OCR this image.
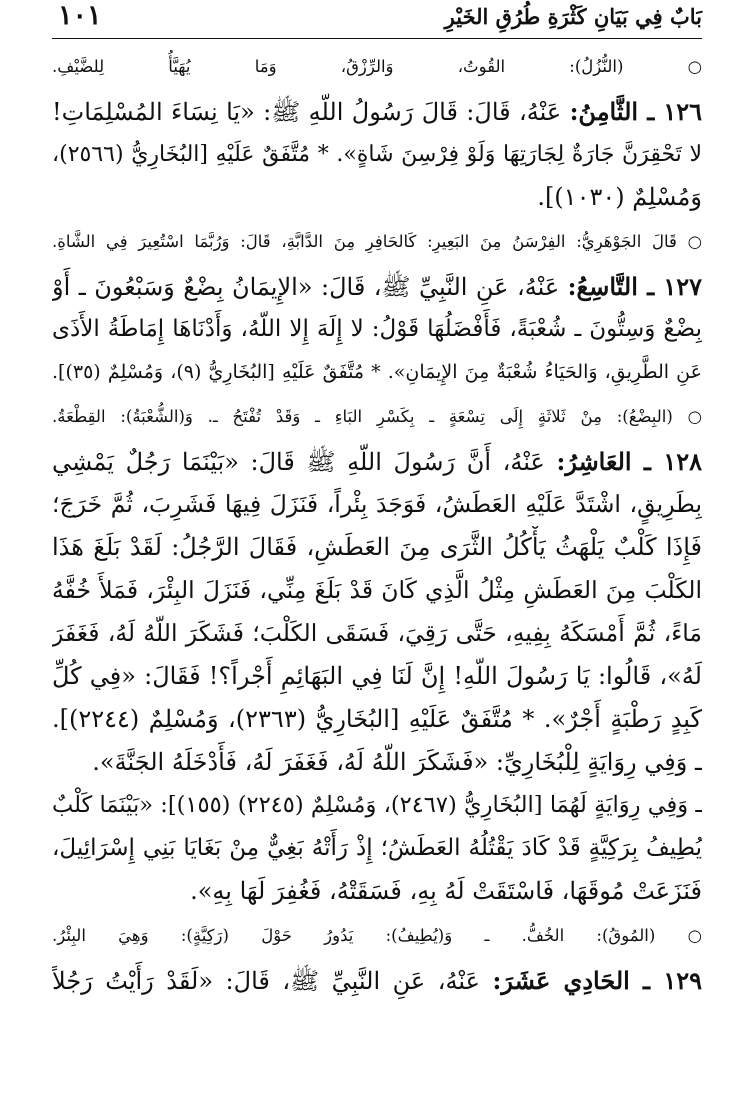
بَابٌ فِي بَيَانِ كَثْرَةِ طُرُقِ الخَيْرِ
١٠١
○ (النُّزُلُ): القُوتُ، وَالرِّزْقُ، وَمَا يُهَيَّأُ لِلضَّيْفِ.
١٢٦ ـ الثَّامِنُ: عَنْهُ، قَالَ: قَالَ رَسُولُ اللّهِ ﷺ: «يَا نِسَاءَ المُسْلِمَاتِ!
لا تَحْقِرَنَّ جَارَةٌ لِجَارَتِهَا وَلَوْ فِرْسِنَ شَاةٍ». * مُتَّفَقٌ عَلَيْهِ [البُخَارِيُّ (٢٥٦٦)،
وَمُسْلِمٌ (١٠٣٠)].
○ قَالَ الجَوْهَرِيُّ: الفِرْسَنُ مِنَ البَعِيرِ: كَالحَافِرِ مِنَ الدَّابَّةِ، قَالَ: وَرُبَّمَا اسْتُعِيرَ فِي الشَّاةِ.
١٢٧ ـ التَّاسِعُ: عَنْهُ، عَنِ النَّبِيِّ ﷺ، قَالَ: «الإِيمَانُ بِضْعٌ وَسَبْعُونَ ـ أَوْ
بِضْعٌ وَسِتُّونَ ـ شُعْبَةً، فَأَفْضَلُهَا قَوْلُ: لا إِلَهَ إِلا اللّهُ، وَأَدْنَاهَا إِمَاطَةُ الأَذَى
عَنِ الطَّرِيقِ، وَالحَيَاءُ شُعْبَةٌ مِنَ الإِيمَانِ». * مُتَّفَقٌ عَلَيْهِ [البُخَارِيُّ (٩)، وَمُسْلِمٌ (٣٥)].
○ (البِضْعُ): مِنْ ثَلاثَةٍ إِلَى تِسْعَةٍ ـ بِكَسْرِ البَاءِ ـ وَقَدْ تُفْتَحُ ـ. وَ(الشُّعْبَةُ): القِطْعَةُ.
١٢٨ ـ العَاشِرُ: عَنْهُ، أَنَّ رَسُولَ اللّهِ ﷺ قَالَ: «بَيْنَمَا رَجُلٌ يَمْشِي
بِطَرِيقٍ، اشْتَدَّ عَلَيْهِ العَطَشُ، فَوَجَدَ بِئْراً، فَنَزَلَ فِيهَا فَشَرِبَ، ثُمَّ خَرَجَ؛
فَإِذَا كَلْبٌ يَلْهَثُ يَأْكُلُ الثَّرَى مِنَ العَطَشِ، فَقَالَ الرَّجُلُ: لَقَدْ بَلَغَ هَذَا
الكَلْبَ مِنَ العَطَشِ مِثْلُ الَّذِي كَانَ قَدْ بَلَغَ مِنِّي، فَنَزَلَ البِئْرَ، فَمَلأَ خُفَّهُ
مَاءً، ثُمَّ أَمْسَكَهُ بِفِيهِ، حَتَّى رَقِيَ، فَسَقَى الكَلْبَ؛ فَشَكَرَ اللّهُ لَهُ، فَغَفَرَ
لَهُ»، قَالُوا: يَا رَسُولَ اللّهِ! إِنَّ لَنَا فِي البَهَائِمِ أَجْراً؟! فَقَالَ: «فِي كُلِّ
كَبِدٍ رَطْبَةٍ أَجْرٌ». * مُتَّفَقٌ عَلَيْهِ [البُخَارِيُّ (٢٣٦٣)، وَمُسْلِمٌ (٢٢٤٤)].
ـ وَفِي رِوَايَةٍ لِلْبُخَارِيِّ: «فَشَكَرَ اللّهُ لَهُ، فَغَفَرَ لَهُ، فَأَدْخَلَهُ الجَنَّةَ».
ـ وَفِي رِوَايَةٍ لَهُمَا [البُخَارِيُّ (٢٤٦٧)، وَمُسْلِمٌ (٢٢٤٥) (١٥٥)]: «بَيْنَمَا كَلْبٌ
يُطِيفُ بِرَكِيَّةٍ قَدْ كَادَ يَقْتُلُهُ العَطَشُ؛ إِذْ رَأَتْهُ بَغِيٌّ مِنْ بَغَايَا بَنِي إِسْرَائِيلَ،
فَنَزَعَتْ مُوقَهَا، فَاسْتَقَتْ لَهُ بِهِ، فَسَقَتْهُ، فَغُفِرَ لَهَا بِهِ».
○ (المُوقُ): الخُفُّ. ـ وَ(يُطِيفُ): يَدُورُ حَوْلَ (رَكِيَّةٍ): وَهِيَ البِئْرُ.
١٢٩ ـ الحَادِي عَشَرَ: عَنْهُ، عَنِ النَّبِيِّ ﷺ، قَالَ: «لَقَدْ رَأَيْتُ رَجُلاً
